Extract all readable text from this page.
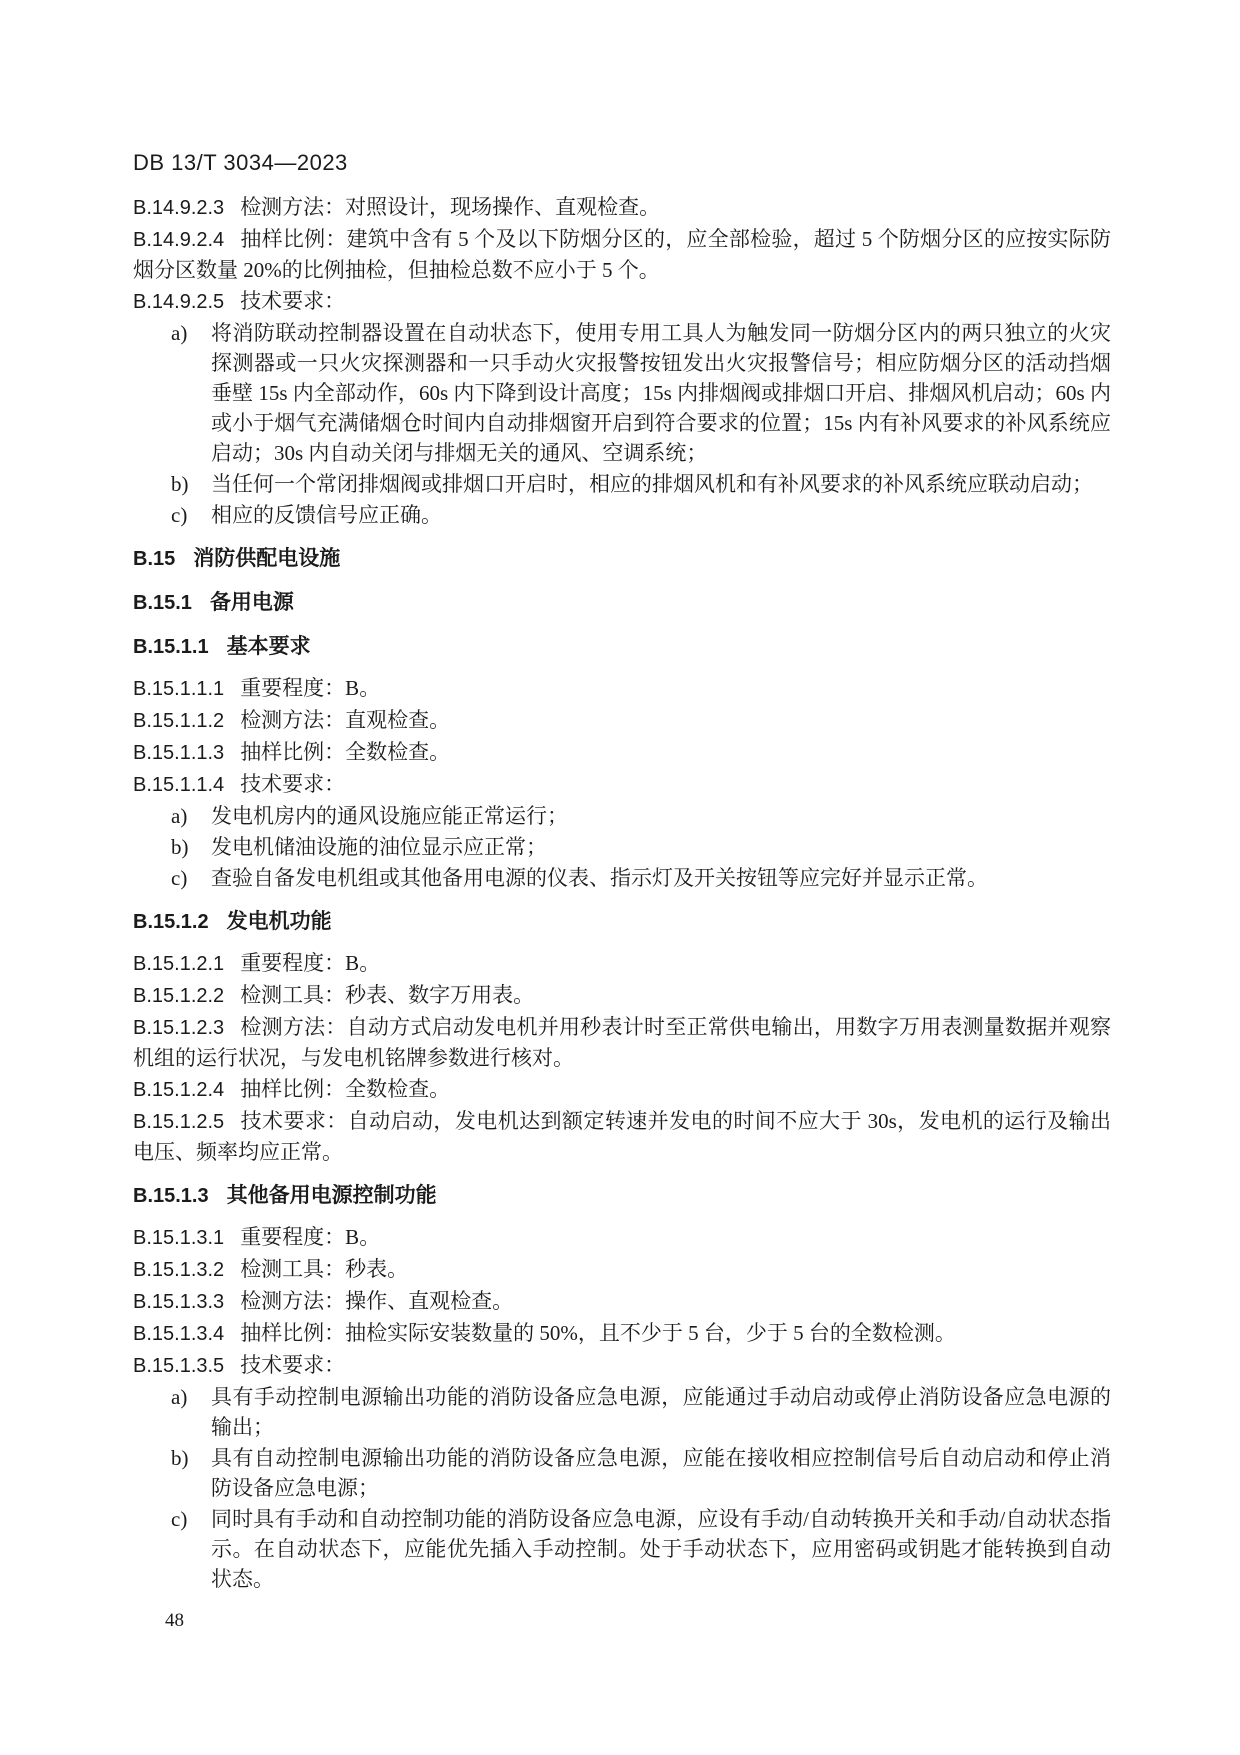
DB 13/T 3034—2023

B.14.9.2.3 检测方法：对照设计，现场操作、直观检查。

B.14.9.2.4 抽样比例：建筑中含有 5 个及以下防烟分区的，应全部检验，超过 5 个防烟分区的应按实际防烟分区数量 20%的比例抽检，但抽检总数不应小于 5 个。

B.14.9.2.5 技术要求：

a)	将消防联动控制器设置在自动状态下，使用专用工具人为触发同一防烟分区内的两只独立的火灾探测器或一只火灾探测器和一只手动火灾报警按钮发出火灾报警信号；相应防烟分区的活动挡烟垂壁 15s 内全部动作，60s 内下降到设计高度；15s 内排烟阀或排烟口开启、排烟风机启动；60s 内或小于烟气充满储烟仓时间内自动排烟窗开启到符合要求的位置；15s 内有补风要求的补风系统应启动；30s 内自动关闭与排烟无关的通风、空调系统；
b)	当任何一个常闭排烟阀或排烟口开启时，相应的排烟风机和有补风要求的补风系统应联动启动；
c)	相应的反馈信号应正确。

B.15 消防供配电设施

B.15.1 备用电源

B.15.1.1 基本要求

B.15.1.1.1 重要程度：B。

B.15.1.1.2 检测方法：直观检查。

B.15.1.1.3 抽样比例：全数检查。

B.15.1.1.4 技术要求：

a)	发电机房内的通风设施应能正常运行；
b)	发电机储油设施的油位显示应正常；
c)	查验自备发电机组或其他备用电源的仪表、指示灯及开关按钮等应完好并显示正常。

B.15.1.2 发电机功能

B.15.1.2.1 重要程度：B。

B.15.1.2.2 检测工具：秒表、数字万用表。

B.15.1.2.3 检测方法：自动方式启动发电机并用秒表计时至正常供电输出，用数字万用表测量数据并观察机组的运行状况，与发电机铭牌参数进行核对。

B.15.1.2.4 抽样比例：全数检查。

B.15.1.2.5 技术要求：自动启动，发电机达到额定转速并发电的时间不应大于 30s，发电机的运行及输出电压、频率均应正常。

B.15.1.3 其他备用电源控制功能

B.15.1.3.1 重要程度：B。

B.15.1.3.2 检测工具：秒表。

B.15.1.3.3 检测方法：操作、直观检查。

B.15.1.3.4 抽样比例：抽检实际安装数量的 50%，且不少于 5 台，少于 5 台的全数检测。

B.15.1.3.5 技术要求：

a)	具有手动控制电源输出功能的消防设备应急电源，应能通过手动启动或停止消防设备应急电源的输出；
b)	具有自动控制电源输出功能的消防设备应急电源，应能在接收相应控制信号后自动启动和停止消防设备应急电源；
c)	同时具有手动和自动控制功能的消防设备应急电源，应设有手动/自动转换开关和手动/自动状态指示。在自动状态下，应能优先插入手动控制。处于手动状态下，应用密码或钥匙才能转换到自动状态。
48
